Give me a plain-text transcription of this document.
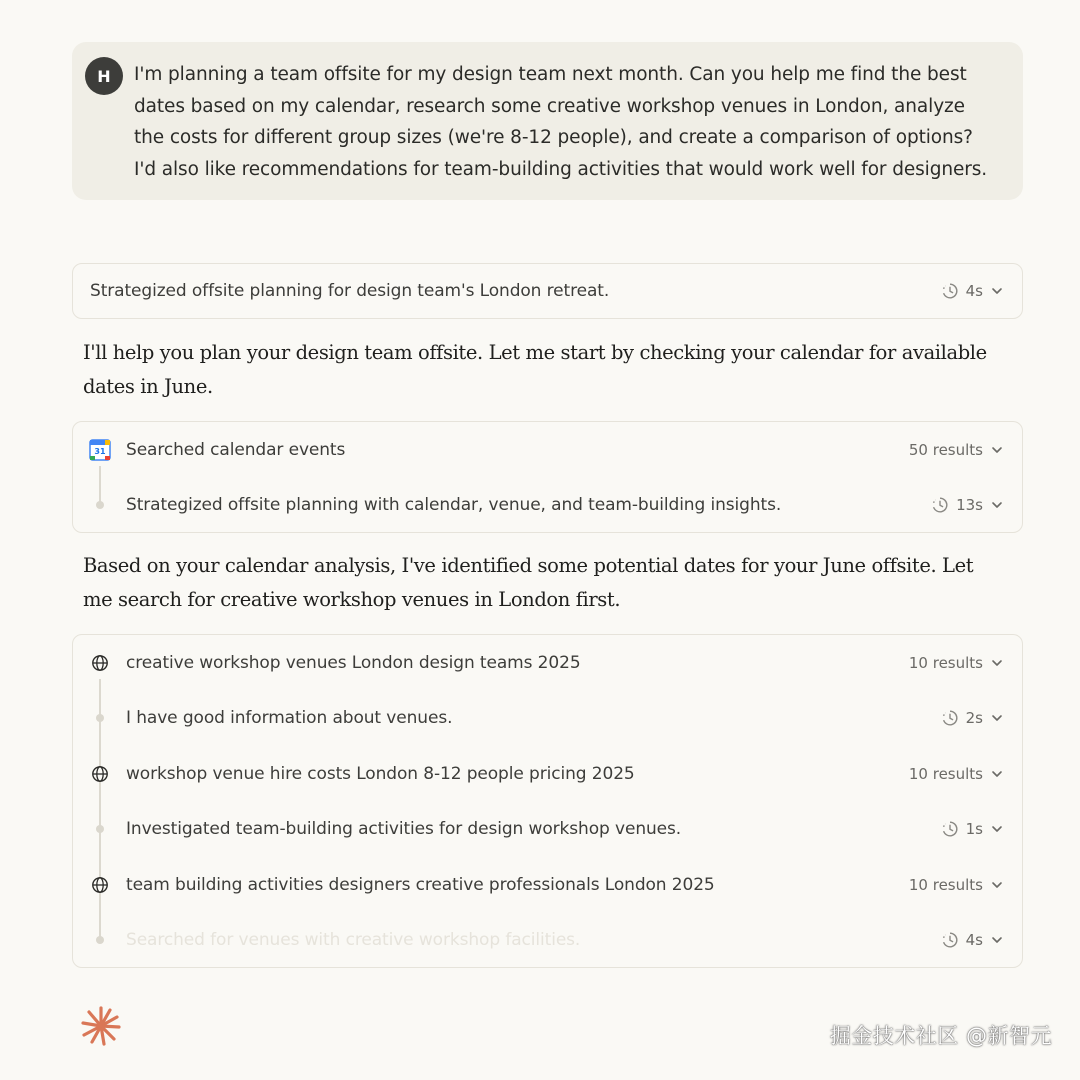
H	I'm planning a team offsite for my design team next month. Can you help me find the best dates based on my calendar, research some creative workshop venues in London, analyze the costs for different group sizes (we're 8-12 people), and create a comparison of options? I'd also like recommendations for team-building activities that would work well for designers.
Strategized offsite planning for design team's London retreat.	4s
I'll help you plan your design team offsite. Let me start by checking your calendar for available dates in June.
31 Searched calendar events	50 results
Strategized offsite planning with calendar, venue, and team-building insights.	13s
Based on your calendar analysis, I've identified some potential dates for your June offsite. Let me search for creative workshop venues in London first.
creative workshop venues London design teams 2025	10 results
I have good information about venues.	2s
workshop venue hire costs London 8-12 people pricing 2025	10 results
Investigated team-building activities for design workshop venues.	1s
team building activities designers creative professionals London 2025	10 results
Searched for venues with creative workshop facilities.	4s
掘金技术社区 @新智元
